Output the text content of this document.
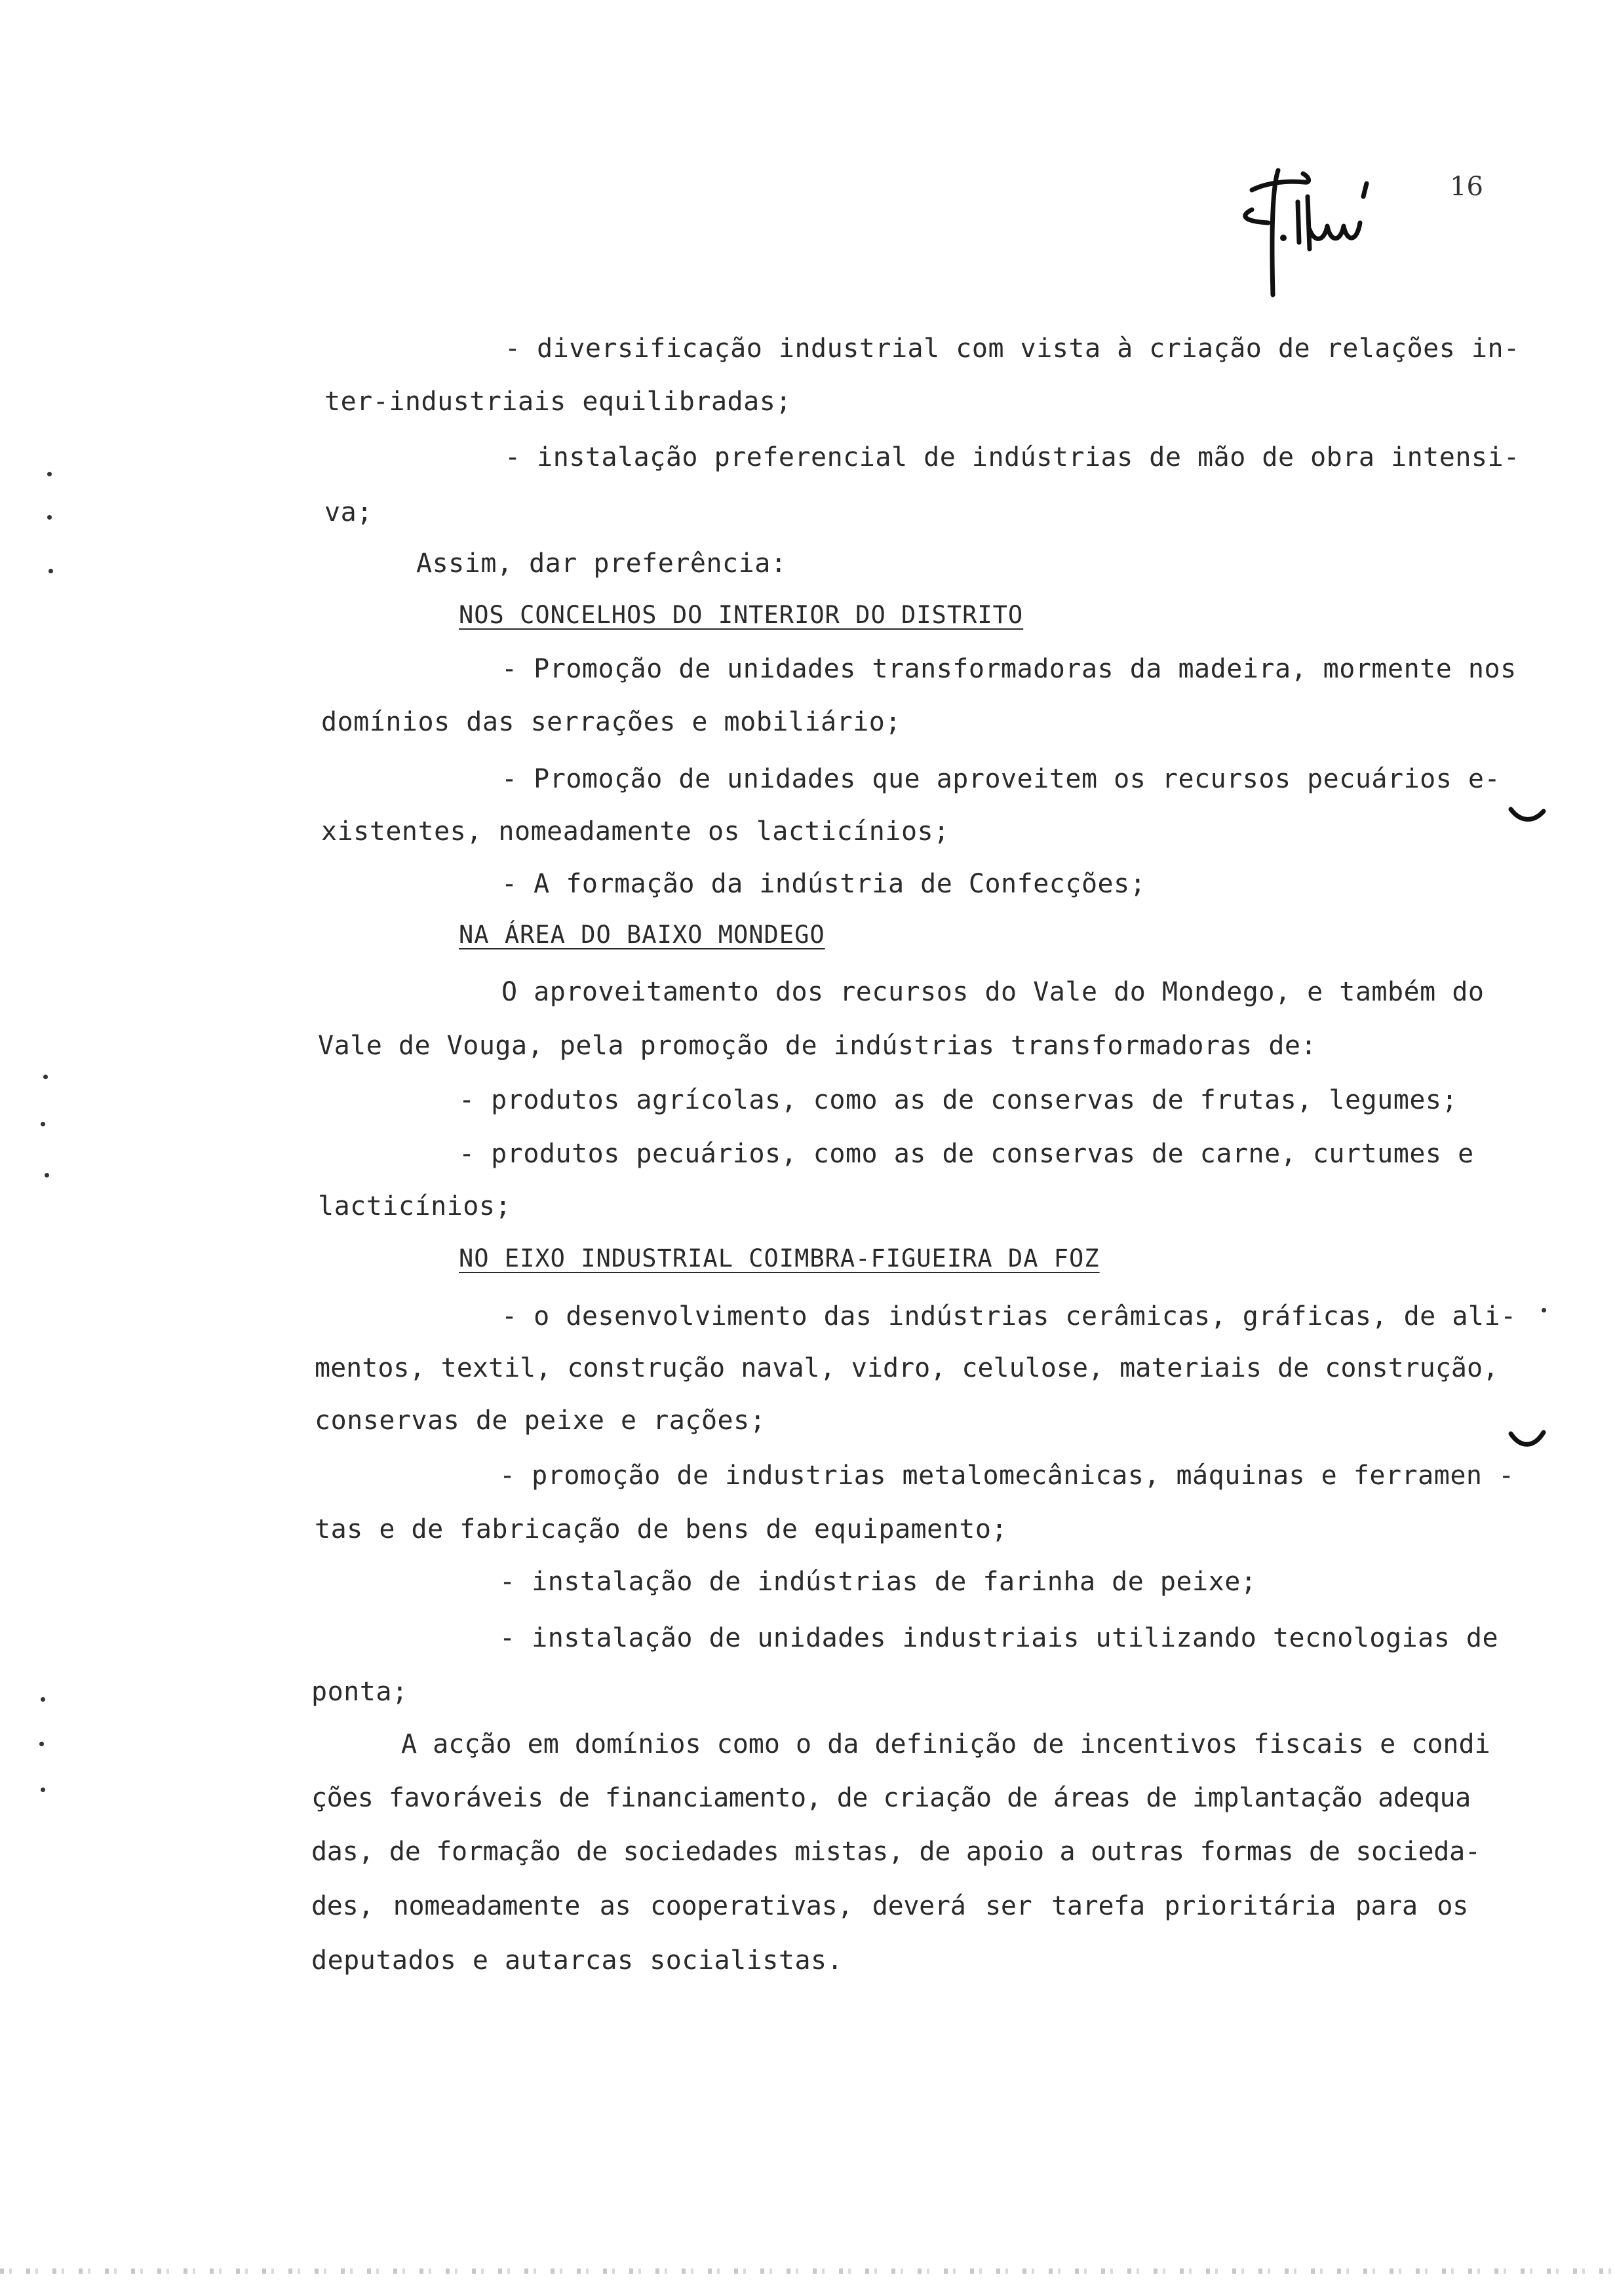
16
- diversificação industrial com vista à criação de relações in-
ter-industriais equilibradas;
- instalação preferencial de indústrias de mão de obra intensi-
va;
Assim, dar preferência:
NOS CONCELHOS DO INTERIOR DO DISTRITO
- Promoção de unidades transformadoras da madeira, mormente nos
domínios das serrações e mobiliário;
- Promoção de unidades que aproveitem os recursos pecuários e-
xistentes, nomeadamente os lacticínios;
- A formação da indústria de Confecções;
NA ÁREA DO BAIXO MONDEGO
O aproveitamento dos recursos do Vale do Mondego, e também do
Vale de Vouga, pela promoção de indústrias transformadoras de:
- produtos agrícolas, como as de conservas de frutas, legumes;
- produtos pecuários, como as de conservas de carne, curtumes e
lacticínios;
NO EIXO INDUSTRIAL COIMBRA-FIGUEIRA DA FOZ
- o desenvolvimento das indústrias cerâmicas, gráficas, de ali-
mentos, textil, construção naval, vidro, celulose, materiais de construção,
conservas de peixe e rações;
- promoção de industrias metalomecânicas, máquinas e ferramen -
tas e de fabricação de bens de equipamento;
- instalação de indústrias de farinha de peixe;
- instalação de unidades industriais utilizando tecnologias de
ponta;
A acção em domínios como o da definição de incentivos fiscais e condi
ções favoráveis de financiamento, de criação de áreas de implantação adequa
das, de formação de sociedades mistas, de apoio a outras formas de socieda-
des, nomeadamente as cooperativas, deverá ser tarefa prioritária para os
deputados e autarcas socialistas.
